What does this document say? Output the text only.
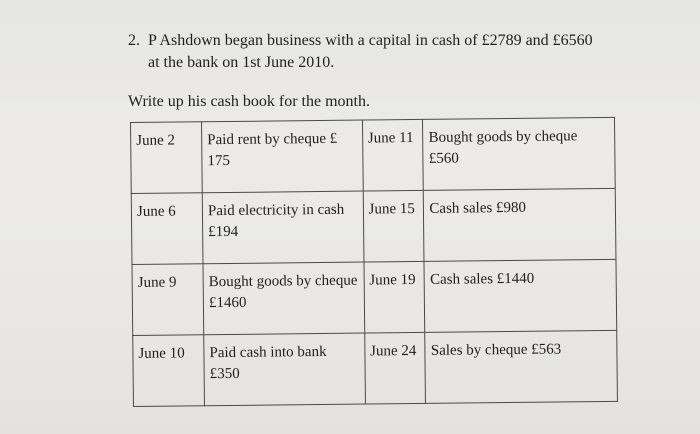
2. P Ashdown began business with a capital in cash of £2789 and £6560
at the bank on 1st June 2010.
Write up his cash book for the month.
June 2	Paid rent by cheque £ 175	June 11	Bought goods by cheque £560

June 6	Paid electricity in cash £194	June 15	Cash sales £980

June 9	Bought goods by cheque £1460	June 19	Cash sales £1440

June 10	Paid cash into bank £350	June 24	Sales by cheque £563
